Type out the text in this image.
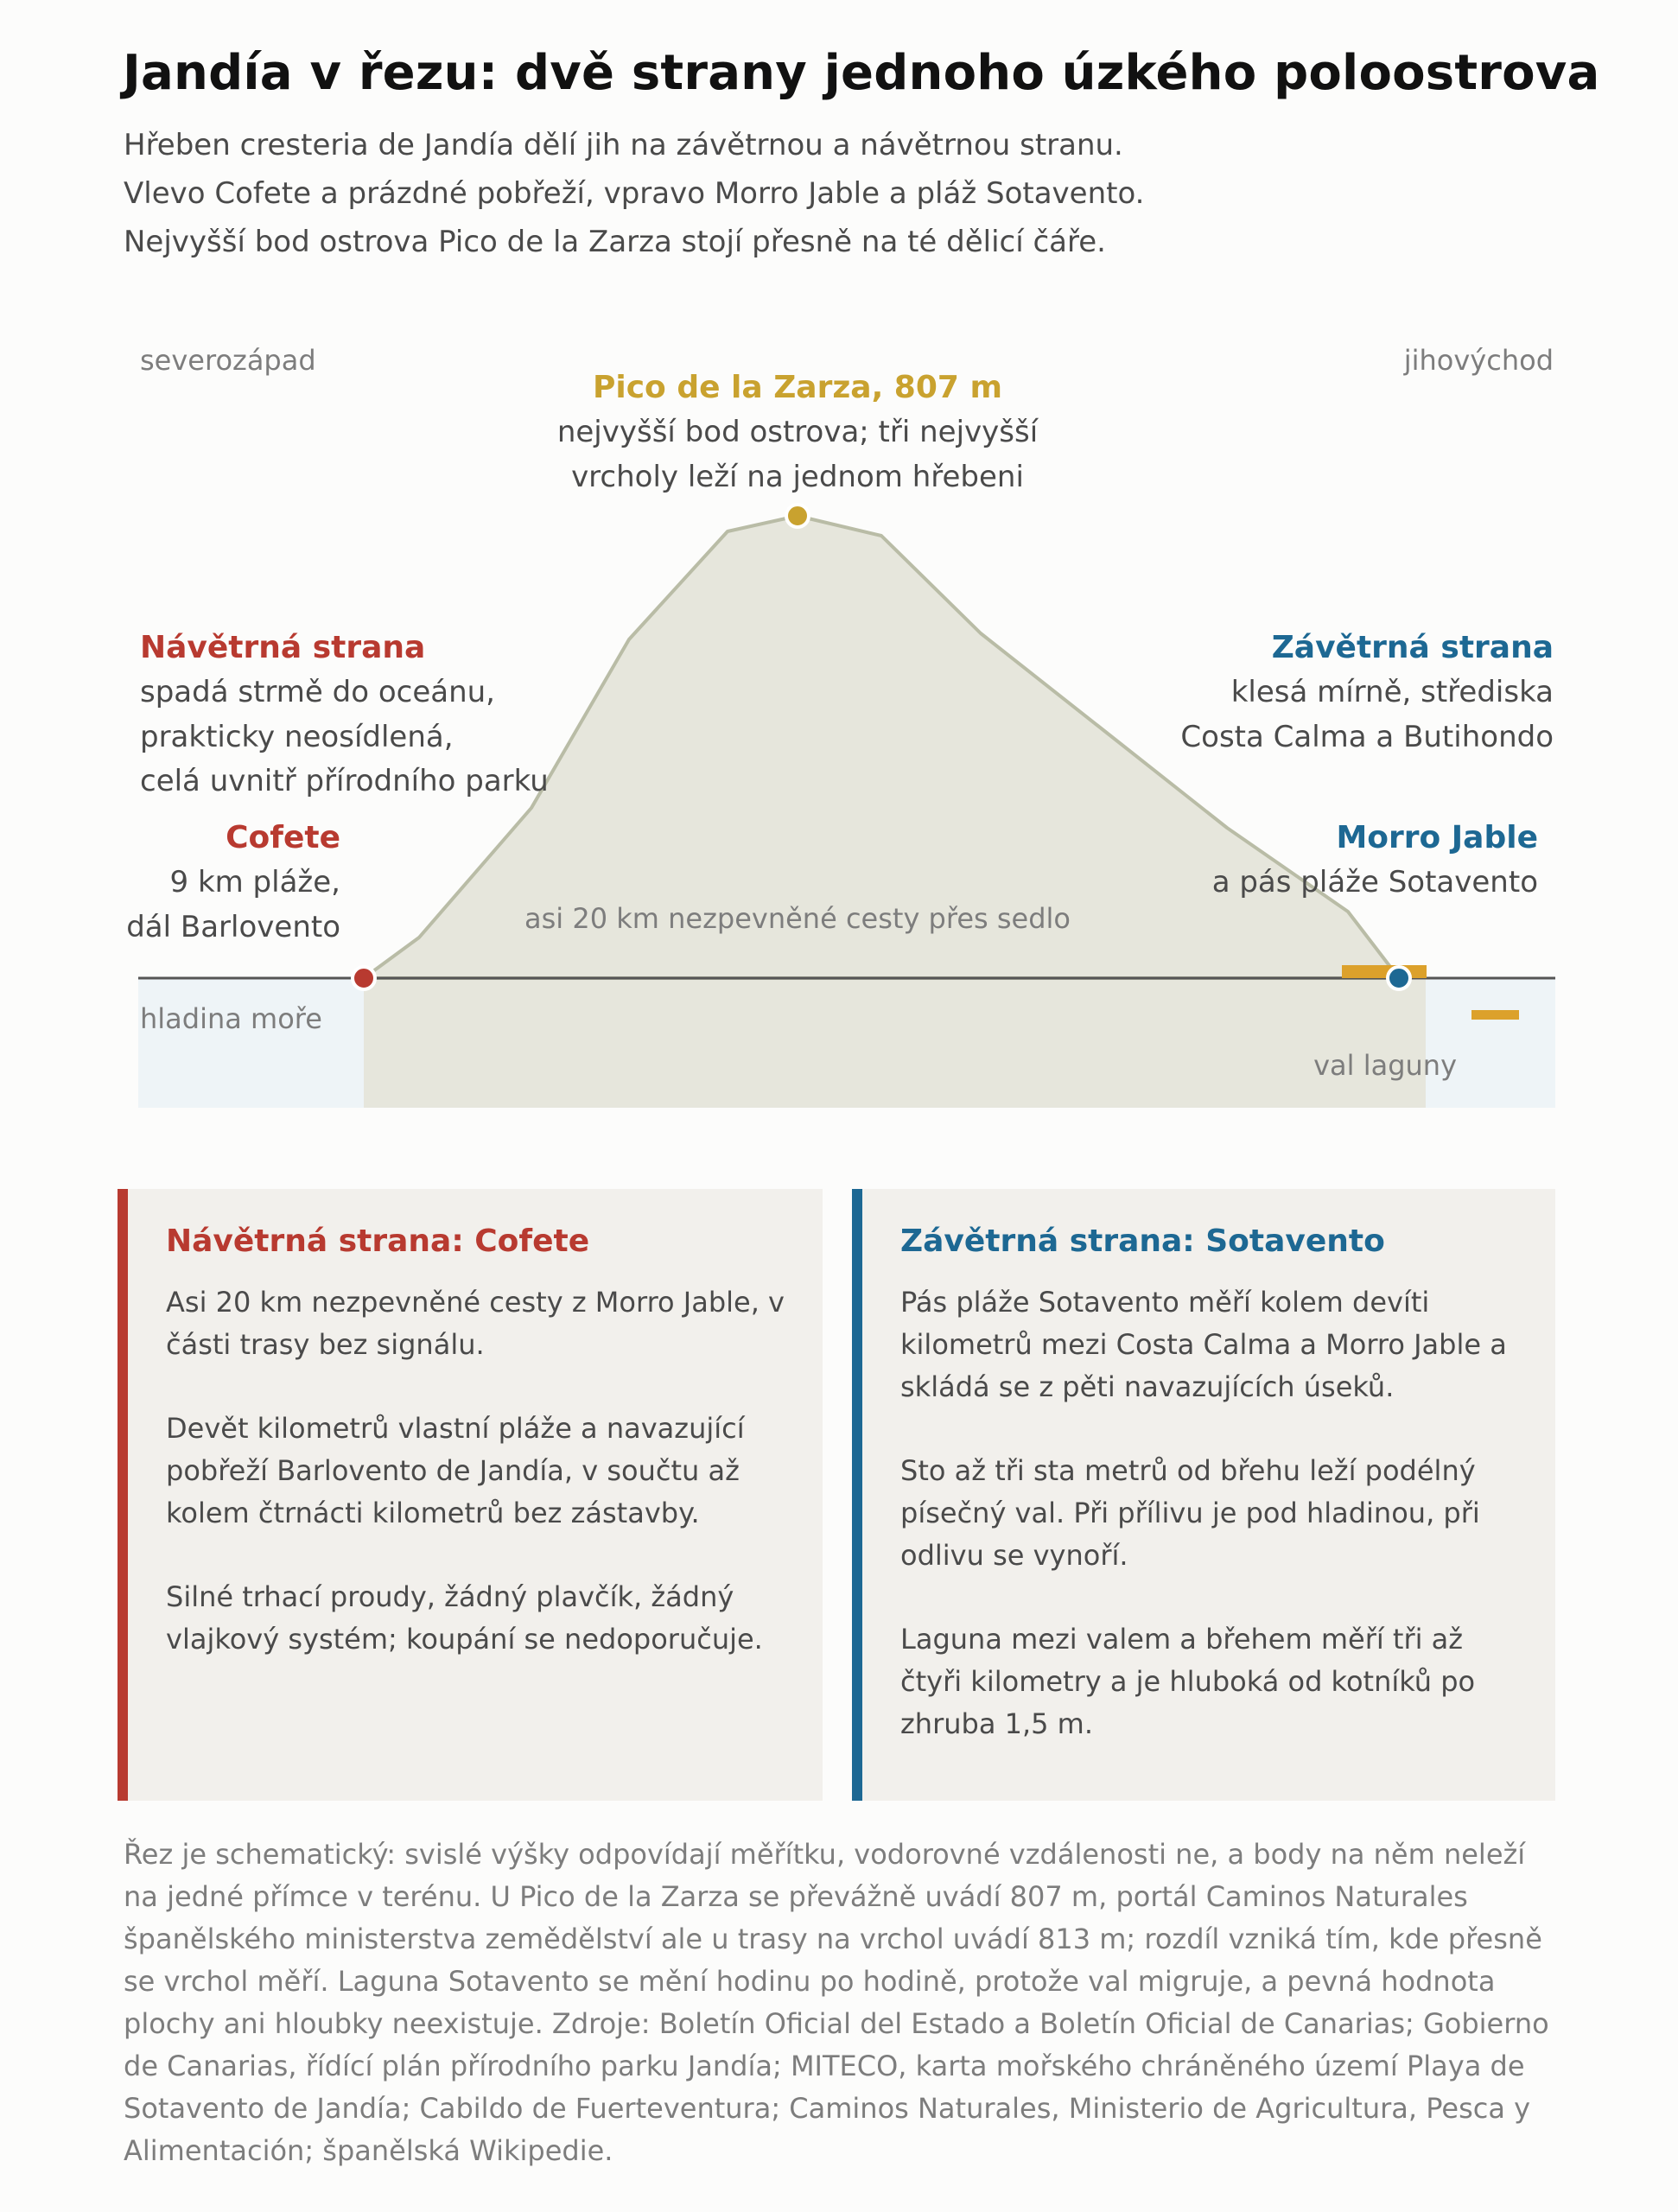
Jandía v řezu: dvě strany jednoho úzkého poloostrova
Hřeben cresteria de Jandía dělí jih na závětrnou a návětrnou stranu.
Vlevo Cofete a prázdné pobřeží, vpravo Morro Jable a pláž Sotavento.
Nejvyšší bod ostrova Pico de la Zarza stojí přesně na té dělicí čáře.
severozápad	jihovýchod
Pico de la Zarza, 807 m
nejvyšší bod ostrova; tři nejvyšší
vrcholy leží na jednom hřebeni
Návětrná strana
spadá strmě do oceánu,
prakticky neosídlená,
celá uvnitř přírodního parku
Závětrná strana
klesá mírně, střediska
Costa Calma a Butihondo
Cofete
9 km pláže,
dál Barlovento
Morro Jable
a pás pláže Sotavento
asi 20 km nezpevněné cesty přes sedlo
hladina moře
val laguny
Návětrná strana: Cofete

Asi 20 km nezpevněné cesty z Morro Jable, v části trasy bez signálu.

Devět kilometrů vlastní pláže a navazující pobřeží Barlovento de Jandía, v součtu až kolem čtrnácti kilometrů bez zástavby.

Silné trhací proudy, žádný plavčík, žádný vlajkový systém; koupání se nedoporučuje.

Závětrná strana: Sotavento

Pás pláže Sotavento měří kolem devíti kilometrů mezi Costa Calma a Morro Jable a skládá se z pěti navazujících úseků.

Sto až tři sta metrů od břehu leží podélný písečný val. Při přílivu je pod hladinou, při odlivu se vynoří.

Laguna mezi valem a břehem měří tři až čtyři kilometry a je hluboká od kotníků po zhruba 1,5 m.

Řez je schematický: svislé výšky odpovídají měřítku, vodorovné vzdálenosti ne, a body na něm neleží na jedné přímce v terénu. U Pico de la Zarza se převážně uvádí 807 m, portál Caminos Naturales španělského ministerstva zemědělství ale u trasy na vrchol uvádí 813 m; rozdíl vzniká tím, kde přesně se vrchol měří. Laguna Sotavento se mění hodinu po hodině, protože val migruje, a pevná hodnota plochy ani hloubky neexistuje. Zdroje: Boletín Oficial del Estado a Boletín Oficial de Canarias; Gobierno de Canarias, řídící plán přírodního parku Jandía; MITECO, karta mořského chráněného území Playa de Sotavento de Jandía; Cabildo de Fuerteventura; Caminos Naturales, Ministerio de Agricultura, Pesca y Alimentación; španělská Wikipedie.
